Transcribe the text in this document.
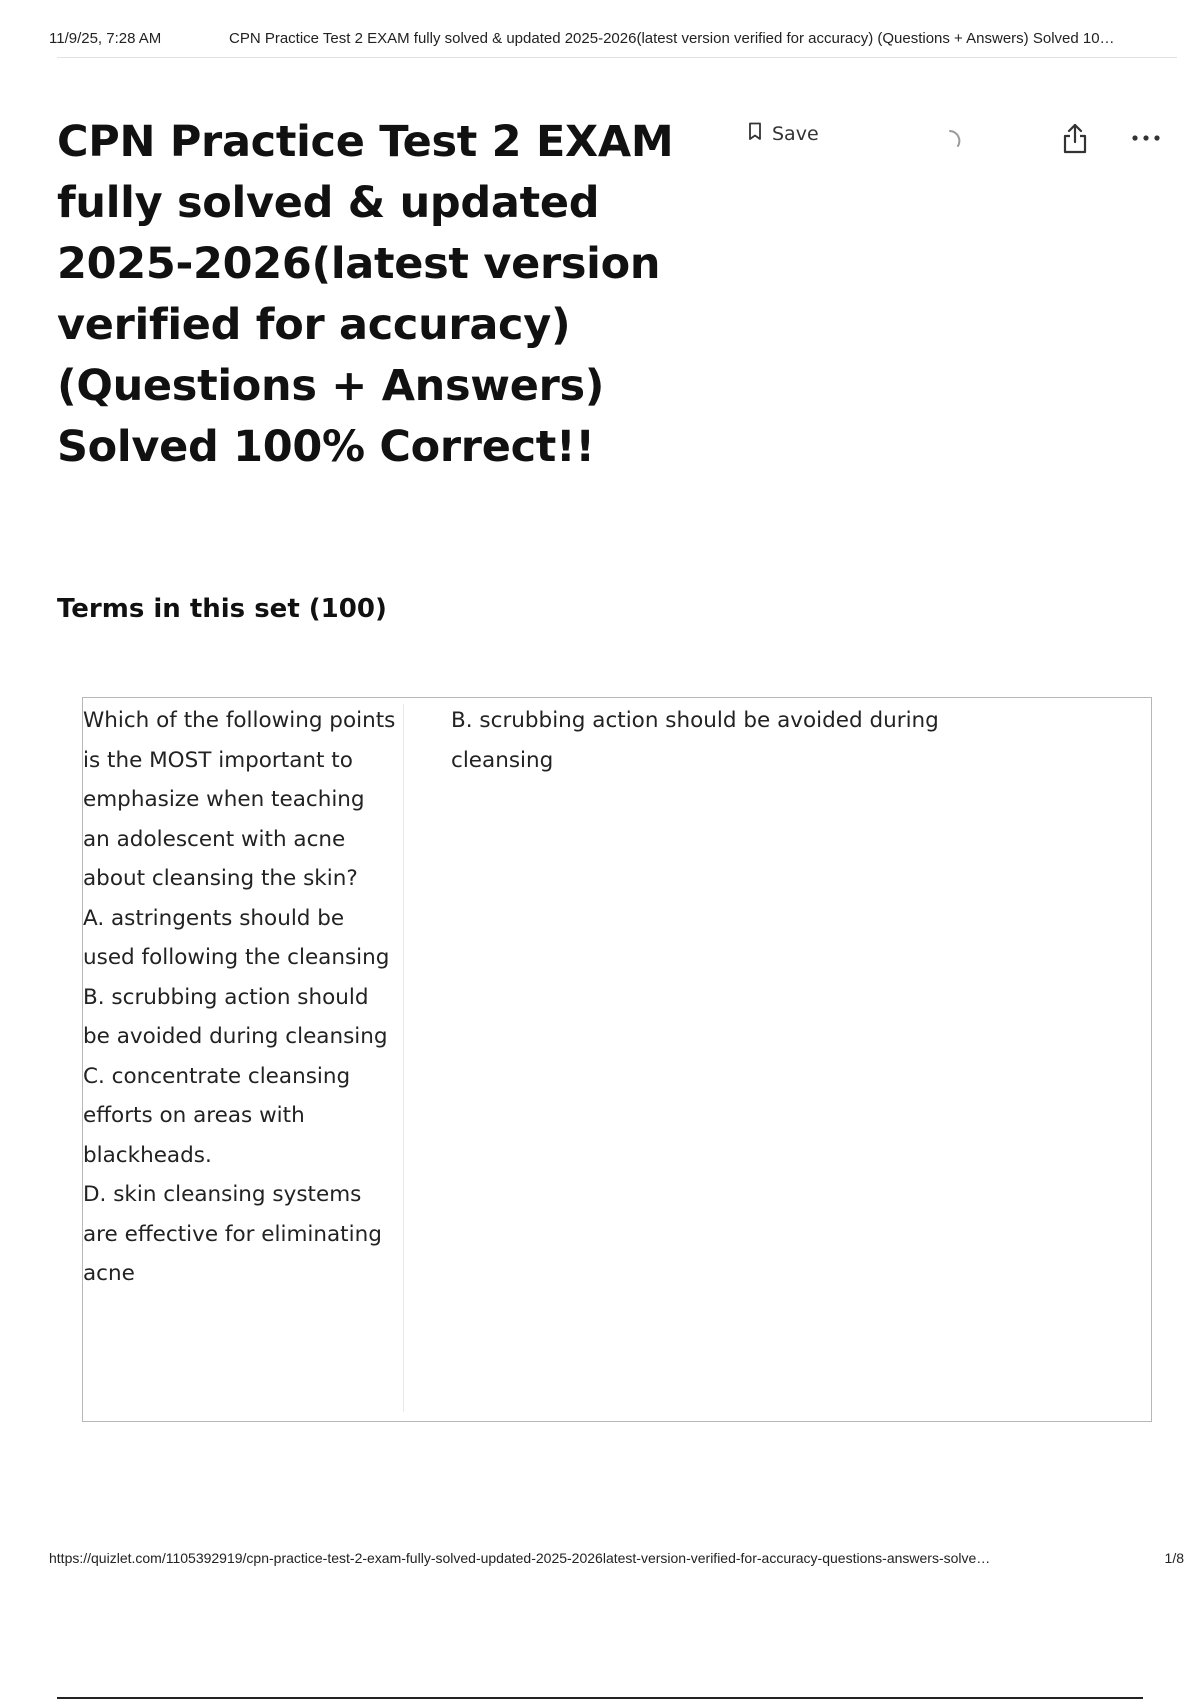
11/9/25, 7:28 AM	CPN Practice Test 2 EXAM fully solved & updated 2025-2026(latest version verified for accuracy) (Questions + Answers) Solved 10…
CPN Practice Test 2 EXAM fully solved & updated 2025-2026(latest version verified for accuracy) (Questions + Answers) Solved 100% Correct!!
Save
Terms in this set (100)

Which of the following points is the MOST important to emphasize when teaching an adolescent with acne about cleansing the skin?
A. astringents should be used following the cleansing
B. scrubbing action should be avoided during cleansing
C. concentrate cleansing efforts on areas with blackheads.
D. skin cleansing systems are effective for eliminating acne

B. scrubbing action should be avoided during cleansing

https://quizlet.com/1105392919/cpn-practice-test-2-exam-fully-solved-updated-2025-2026latest-version-verified-for-accuracy-questions-answers-solve…	1/8
